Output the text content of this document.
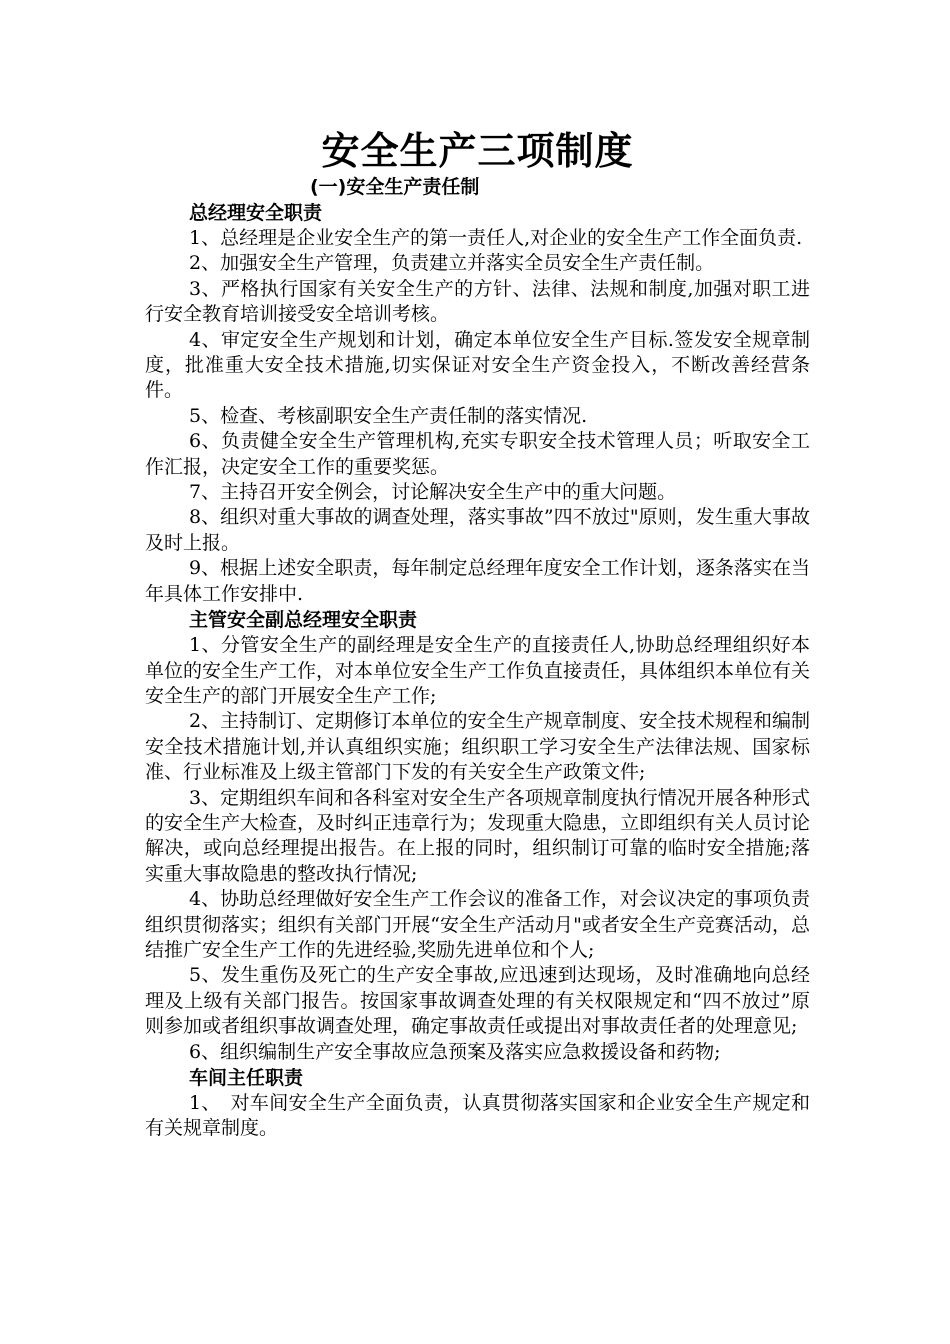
安全生产三项制度
(一)安全生产责任制
总经理安全职责

1、总经理是企业安全生产的第一责任人,对企业的安全生产工作全面负责.

2、加强安全生产管理，负责建立并落实全员安全生产责任制。

3、严格执行国家有关安全生产的方针、法律、法规和制度,加强对职工进行安全教育培训接受安全培训考核。

4、审定安全生产规划和计划，确定本单位安全生产目标.签发安全规章制度，批准重大安全技术措施,切实保证对安全生产资金投入，不断改善经营条件。

5、检查、考核副职安全生产责任制的落实情况.

6、负责健全安全生产管理机构,充实专职安全技术管理人员；听取安全工作汇报，决定安全工作的重要奖惩。

7、主持召开安全例会，讨论解决安全生产中的重大问题。

8、组织对重大事故的调查处理，落实事故”四不放过"原则，发生重大事故及时上报。

9、根据上述安全职责，每年制定总经理年度安全工作计划，逐条落实在当年具体工作安排中.

主管安全副总经理安全职责

1、分管安全生产的副经理是安全生产的直接责任人,协助总经理组织好本单位的安全生产工作，对本单位安全生产工作负直接责任，具体组织本单位有关安全生产的部门开展安全生产工作;

2、主持制订、定期修订本单位的安全生产规章制度、安全技术规程和编制安全技术措施计划,并认真组织实施；组织职工学习安全生产法律法规、国家标准、行业标准及上级主管部门下发的有关安全生产政策文件;

3、定期组织车间和各科室对安全生产各项规章制度执行情况开展各种形式的安全生产大检查，及时纠正违章行为；发现重大隐患，立即组织有关人员讨论解决，或向总经理提出报告。在上报的同时，组织制订可靠的临时安全措施;落实重大事故隐患的整改执行情况;

4、协助总经理做好安全生产工作会议的准备工作，对会议决定的事项负责组织贯彻落实；组织有关部门开展“安全生产活动月"或者安全生产竞赛活动，总结推广安全生产工作的先进经验,奖励先进单位和个人;

5、发生重伤及死亡的生产安全事故,应迅速到达现场，及时准确地向总经理及上级有关部门报告。按国家事故调查处理的有关权限规定和“四不放过”原则参加或者组织事故调查处理，确定事故责任或提出对事故责任者的处理意见;

6、组织编制生产安全事故应急预案及落实应急救援设备和药物;

车间主任职责

1、　对车间安全生产全面负责，认真贯彻落实国家和企业安全生产规定和有关规章制度。
